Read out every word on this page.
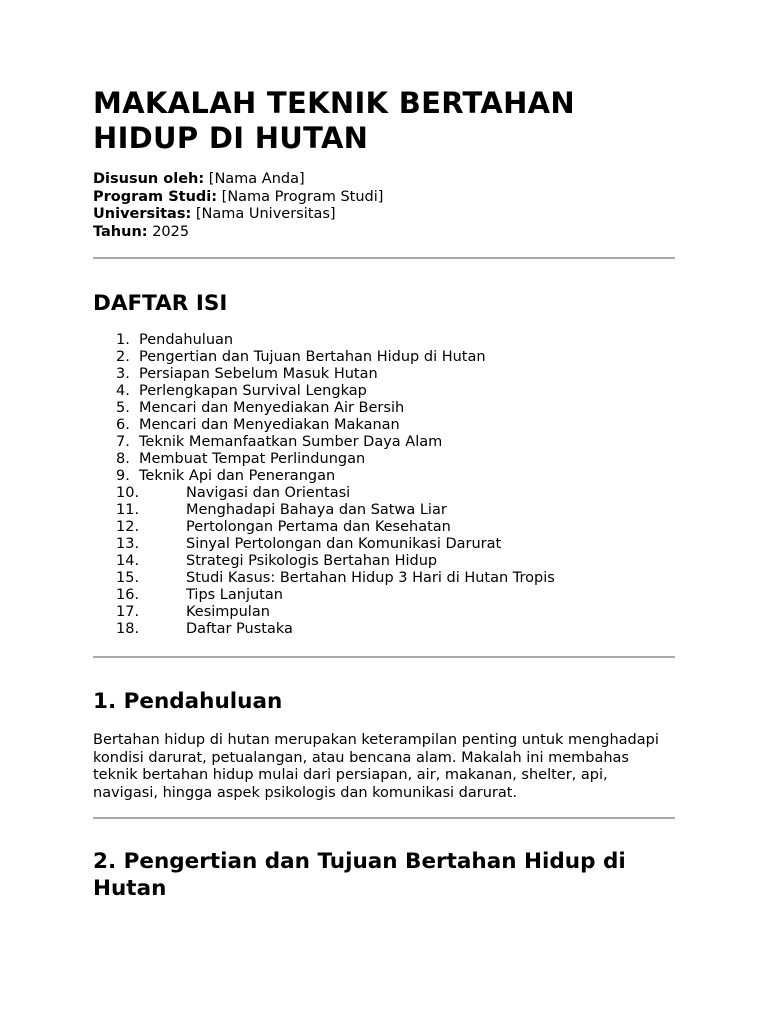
MAKALAH TEKNIK BERTAHAN HIDUP DI HUTAN
Disusun oleh: [Nama Anda]
Program Studi: [Nama Program Studi]
Universitas: [Nama Universitas]
Tahun: 2025
DAFTAR ISI
1. Pendahuluan
2. Pengertian dan Tujuan Bertahan Hidup di Hutan
3. Persiapan Sebelum Masuk Hutan
4. Perlengkapan Survival Lengkap
5. Mencari dan Menyediakan Air Bersih
6. Mencari dan Menyediakan Makanan
7. Teknik Memanfaatkan Sumber Daya Alam
8. Membuat Tempat Perlindungan
9. Teknik Api dan Penerangan
10.	Navigasi dan Orientasi
11.	Menghadapi Bahaya dan Satwa Liar
12.	Pertolongan Pertama dan Kesehatan
13.	Sinyal Pertolongan dan Komunikasi Darurat
14.	Strategi Psikologis Bertahan Hidup
15.	Studi Kasus: Bertahan Hidup 3 Hari di Hutan Tropis
16.	Tips Lanjutan
17.	Kesimpulan
18.	Daftar Pustaka
1. Pendahuluan

Bertahan hidup di hutan merupakan keterampilan penting untuk menghadapi kondisi darurat, petualangan, atau bencana alam. Makalah ini membahas teknik bertahan hidup mulai dari persiapan, air, makanan, shelter, api, navigasi, hingga aspek psikologis dan komunikasi darurat.

2. Pengertian dan Tujuan Bertahan Hidup di Hutan
